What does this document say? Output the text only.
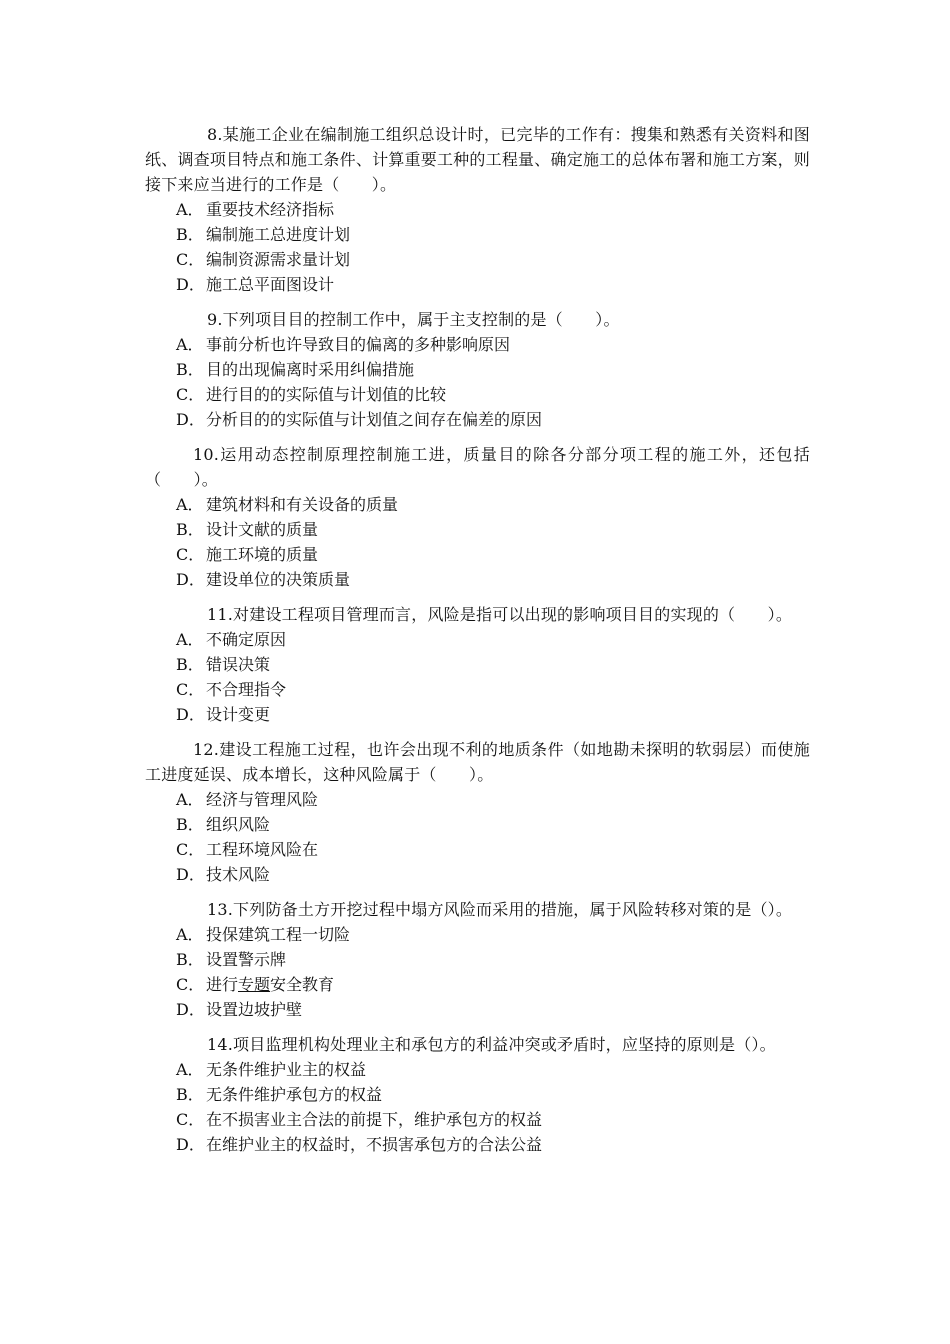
8.某施工企业在编制施工组织总设计时，已完毕的工作有：搜集和熟悉有关资料和图纸、调查项目特点和施工条件、计算重要工种的工程量、确定施工的总体布署和施工方案，则接下来应当进行的工作是（　　）。

A． 重要技术经济指标
B． 编制施工总进度计划
C． 编制资源需求量计划
D．施工总平面图设计

9.下列项目目的控制工作中，属于主支控制的是（　　）。

A． 事前分析也许导致目的偏离的多种影响原因
B． 目的出现偏离时采用纠偏措施
C． 进行目的的实际值与计划值的比较
D．分析目的的实际值与计划值之间存在偏差的原因

10.运用动态控制原理控制施工进，质量目的除各分部分项工程的施工外，还包括（　　）。

A． 建筑材料和有关设备的质量
B． 设计文献的质量
C． 施工环境的质量
D．建设单位的决策质量

11.对建设工程项目管理而言，风险是指可以出现的影响项目目的实现的（　　）。

A． 不确定原因
B． 错误决策
C． 不合理指令
D．设计变更

12.建设工程施工过程，也许会出现不利的地质条件（如地勘未探明的软弱层）而使施工进度延误、成本增长，这种风险属于（　　）。

A． 经济与管理风险
B． 组织风险
C． 工程环境风险在
D．技术风险

13.下列防备土方开挖过程中塌方风险而采用的措施，属于风险转移对策的是（）。

A． 投保建筑工程一切险
B． 设置警示牌
C． 进行专题安全教育
D．设置边坡护壁

14.项目监理机构处理业主和承包方的利益冲突或矛盾时，应坚持的原则是（）。

A． 无条件维护业主的权益
B． 无条件维护承包方的权益
C． 在不损害业主合法的前提下，维护承包方的权益
D．在维护业主的权益时，不损害承包方的合法公益
